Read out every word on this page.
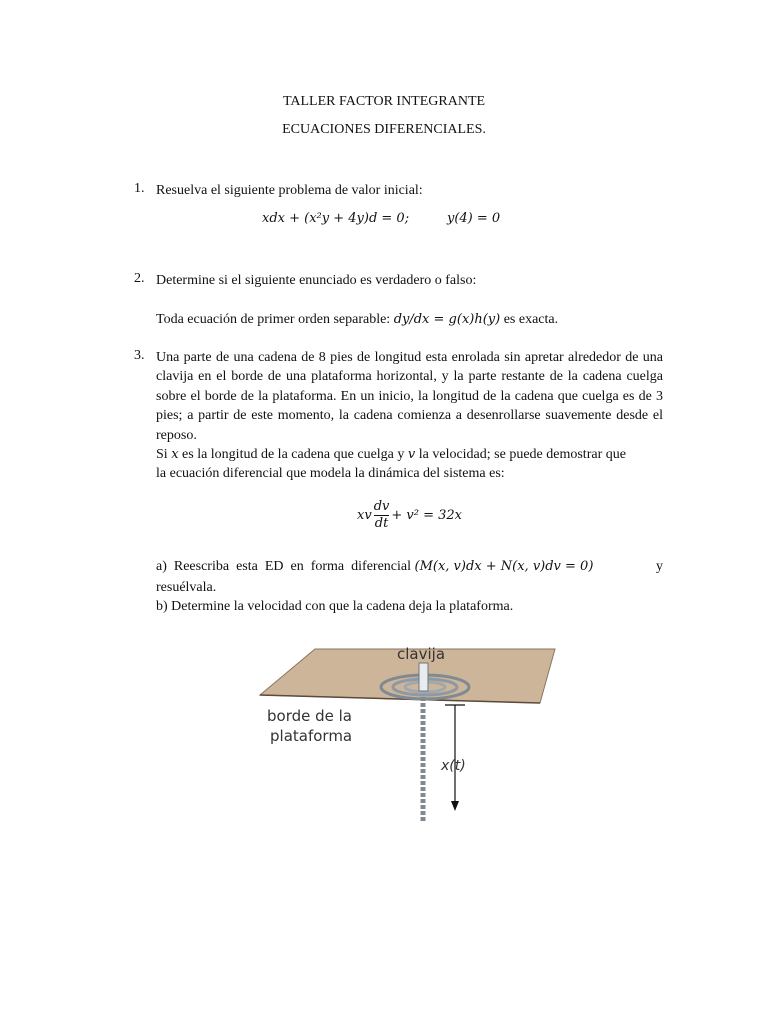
TALLER FACTOR INTEGRANTE
ECUACIONES DIFERENCIALES.
1. Resuelva el siguiente problema de valor inicial:
xdx + (x²y + 4y)d = 0;	y(4) = 0
2. Determine si el siguiente enunciado es verdadero o falso:
Toda ecuación de primer orden separable: dy/dx = g(x)h(y) es exacta.
3. Una parte de una cadena de 8 pies de longitud esta enrolada sin apretar alrededor de una clavija en el borde de una plataforma horizontal, y la parte restante de la cadena cuelga sobre el borde de la plataforma. En un inicio, la longitud de la cadena que cuelga es de 3 pies; a partir de este momento, la cadena comienza a desenrollarse suavemente desde el reposo.
Si x es la longitud de la cadena que cuelga y v la velocidad; se puede demostrar que
la ecuación diferencial que modela la dinámica del sistema es:
xv $\frac{dv}{dt} + v^2 = 32x$
a)  Reescriba  esta  ED  en  forma  diferencial (M(x, v)dx + N(x, v)dv = 0)	y
resuélvala.
b) Determine la velocidad con que la cadena deja la plataforma.
clavija
borde de la
plataforma
x(t)
